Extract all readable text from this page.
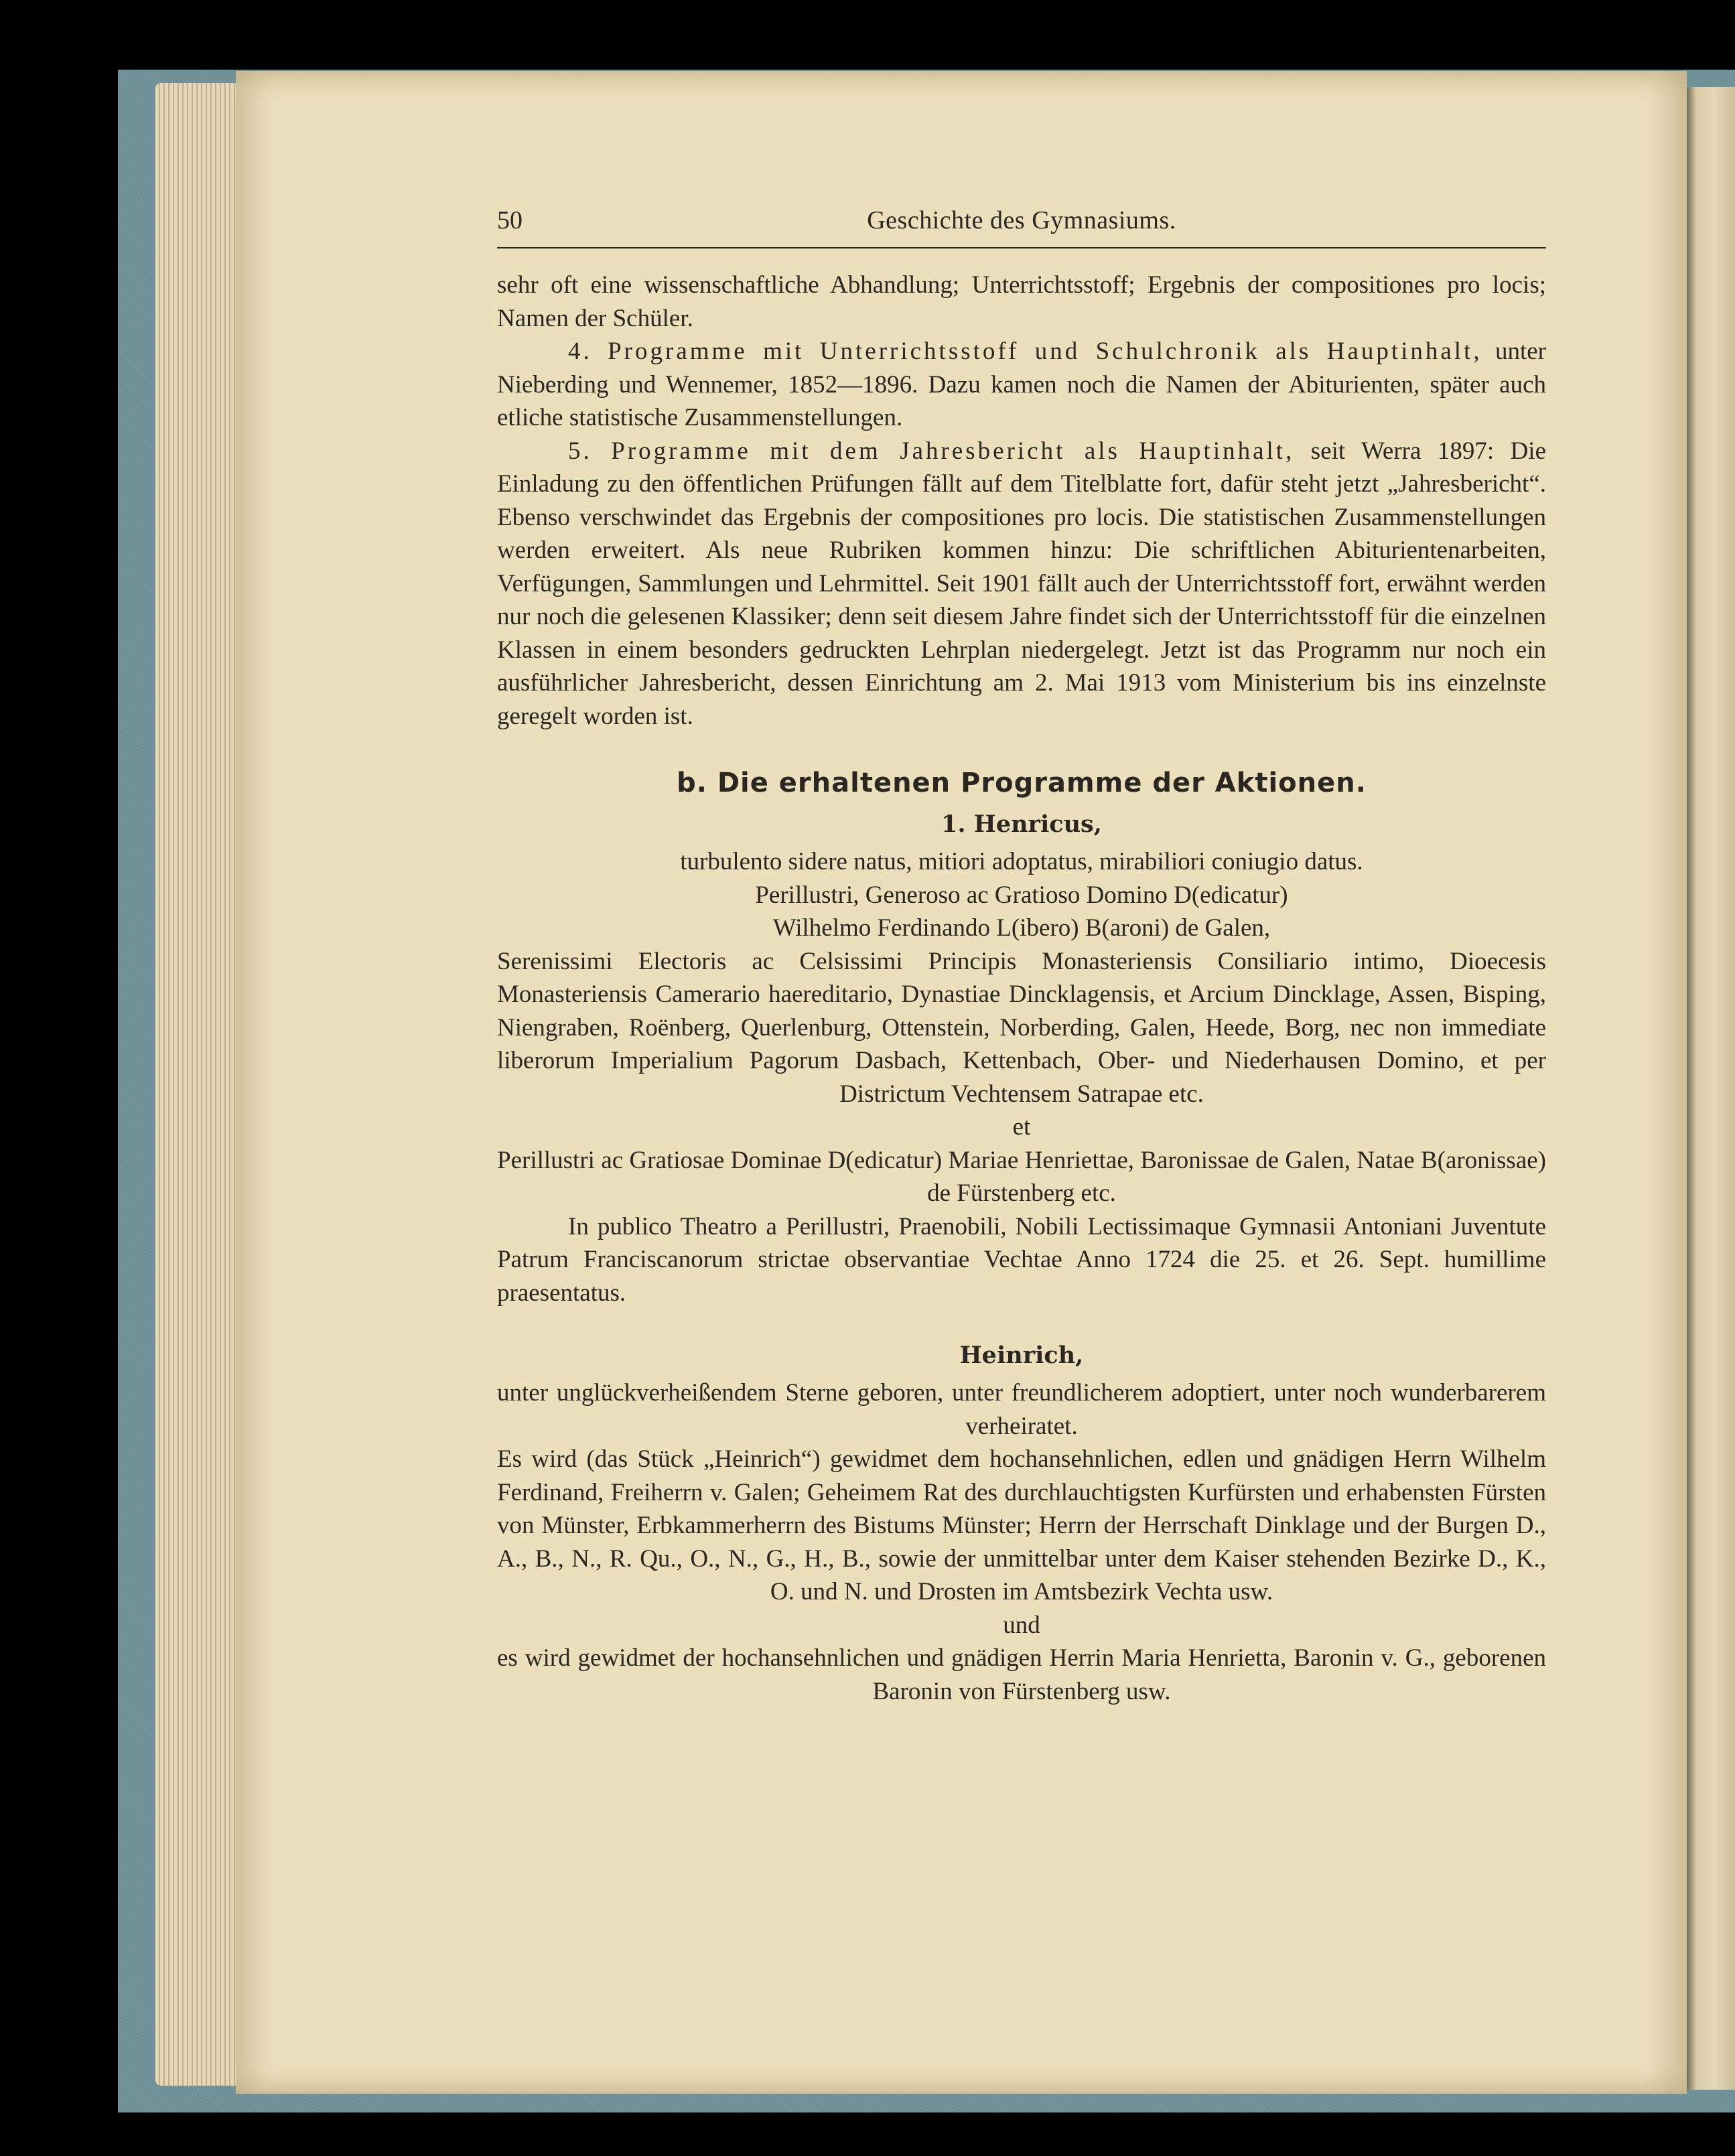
50	Geschichte des Gymnasiums.

sehr oft eine wissenschaftliche Abhandlung; Unterrichtsstoff; Ergebnis der compositiones pro locis; Namen der Schüler.

4. Programme mit Unterrichtsstoff und Schulchronik als Hauptinhalt, unter Nieberding und Wennemer, 1852—1896. Dazu kamen noch die Namen der Abiturienten, später auch etliche statistische Zusammenstellungen.

5. Programme mit dem Jahresbericht als Hauptinhalt, seit Werra 1897: Die Einladung zu den öffentlichen Prüfungen fällt auf dem Titelblatte fort, dafür steht jetzt „Jahresbericht“. Ebenso verschwindet das Ergebnis der compositiones pro locis. Die statistischen Zusammenstellungen werden erweitert. Als neue Rubriken kommen hinzu: Die schriftlichen Abiturientenarbeiten, Verfügungen, Sammlungen und Lehrmittel. Seit 1901 fällt auch der Unterrichtsstoff fort, erwähnt werden nur noch die gelesenen Klassiker; denn seit diesem Jahre findet sich der Unterrichtsstoff für die einzelnen Klassen in einem besonders gedruckten Lehrplan niedergelegt. Jetzt ist das Programm nur noch ein ausführlicher Jahresbericht, dessen Einrichtung am 2. Mai 1913 vom Ministerium bis ins einzelnste geregelt worden ist.

b. Die erhaltenen Programme der Aktionen.
1. Henricus,

turbulento sidere natus, mitiori adoptatus, mirabiliori coniugio datus.

Perillustri, Generoso ac Gratioso Domino D(edicatur)

Wilhelmo Ferdinando L(ibero) B(aroni) de Galen,

Serenissimi Electoris ac Celsissimi Principis Monasteriensis Consiliario intimo, Dioecesis Monasteriensis Camerario haereditario, Dynastiae Dincklagensis, et Arcium Dincklage, Assen, Bisping, Niengraben, Roënberg, Querlenburg, Ottenstein, Norberding, Galen, Heede, Borg, nec non immediate liberorum Imperialium Pagorum Dasbach, Kettenbach, Ober- und Niederhausen Domino, et per Districtum Vechtensem Satrapae etc.

et

Perillustri ac Gratiosae Dominae D(edicatur) Mariae Henriettae, Baronissae de Galen, Natae B(aronissae) de Fürstenberg etc.

In publico Theatro a Perillustri, Praenobili, Nobili Lectissimaque Gymnasii Antoniani Juventute Patrum Franciscanorum strictae observantiae Vechtae Anno 1724 die 25. et 26. Sept. humillime praesentatus.

Heinrich,

unter unglückverheißendem Sterne geboren, unter freundlicherem adoptiert, unter noch wunderbarerem verheiratet.

Es wird (das Stück „Heinrich“) gewidmet dem hochansehnlichen, edlen und gnädigen Herrn Wilhelm Ferdinand, Freiherrn v. Galen; Geheimem Rat des durchlauchtigsten Kurfürsten und erhabensten Fürsten von Münster, Erbkammerherrn des Bistums Münster; Herrn der Herrschaft Dinklage und der Burgen D., A., B., N., R. Qu., O., N., G., H., B., sowie der unmittelbar unter dem Kaiser stehenden Bezirke D., K., O. und N. und Drosten im Amtsbezirk Vechta usw.

und

es wird gewidmet der hochansehnlichen und gnädigen Herrin Maria Henrietta, Baronin v. G., geborenen Baronin von Fürstenberg usw.
